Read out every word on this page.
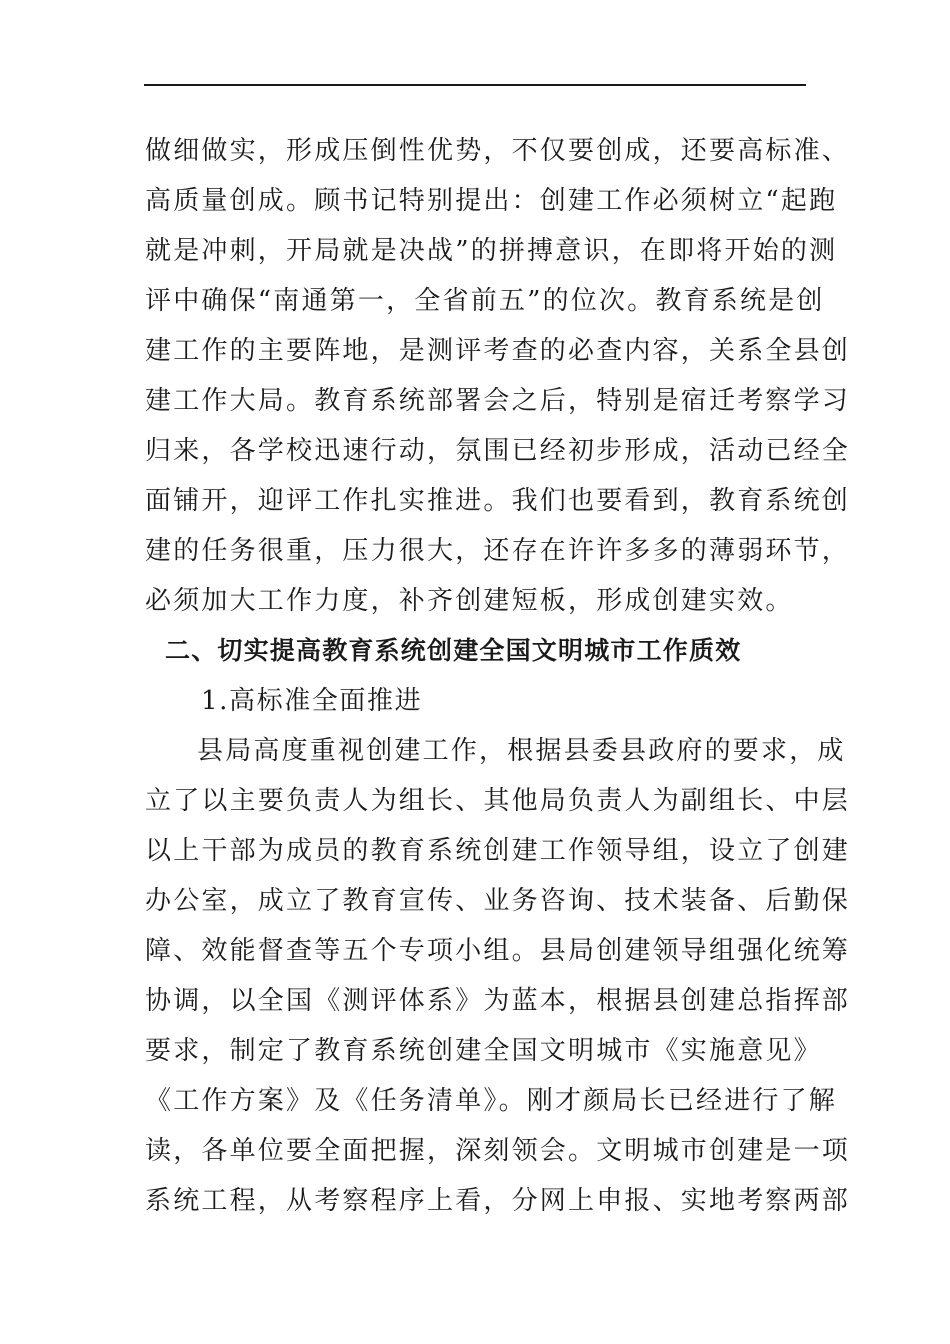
做细做实，形成压倒性优势，不仅要创成，还要高标准、
高质量创成。顾书记特别提出：创建工作必须树立“起跑
就是冲刺，开局就是决战”的拼搏意识，在即将开始的测
评中确保“南通第一，全省前五”的位次。教育系统是创
建工作的主要阵地，是测评考查的必查内容，关系全县创
建工作大局。教育系统部署会之后，特别是宿迁考察学习
归来，各学校迅速行动，氛围已经初步形成，活动已经全
面铺开，迎评工作扎实推进。我们也要看到，教育系统创
建的任务很重，压力很大，还存在许许多多的薄弱环节，
必须加大工作力度，补齐创建短板，形成创建实效。
二、切实提高教育系统创建全国文明城市工作质效
1.高标准全面推进
县局高度重视创建工作，根据县委县政府的要求，成
立了以主要负责人为组长、其他局负责人为副组长、中层
以上干部为成员的教育系统创建工作领导组，设立了创建
办公室，成立了教育宣传、业务咨询、技术装备、后勤保
障、效能督查等五个专项小组。县局创建领导组强化统筹
协调，以全国《测评体系》为蓝本，根据县创建总指挥部
要求，制定了教育系统创建全国文明城市《实施意见》
《工作方案》及《任务清单》。刚才颜局长已经进行了解
读，各单位要全面把握，深刻领会。文明城市创建是一项
系统工程，从考察程序上看，分网上申报、实地考察两部
